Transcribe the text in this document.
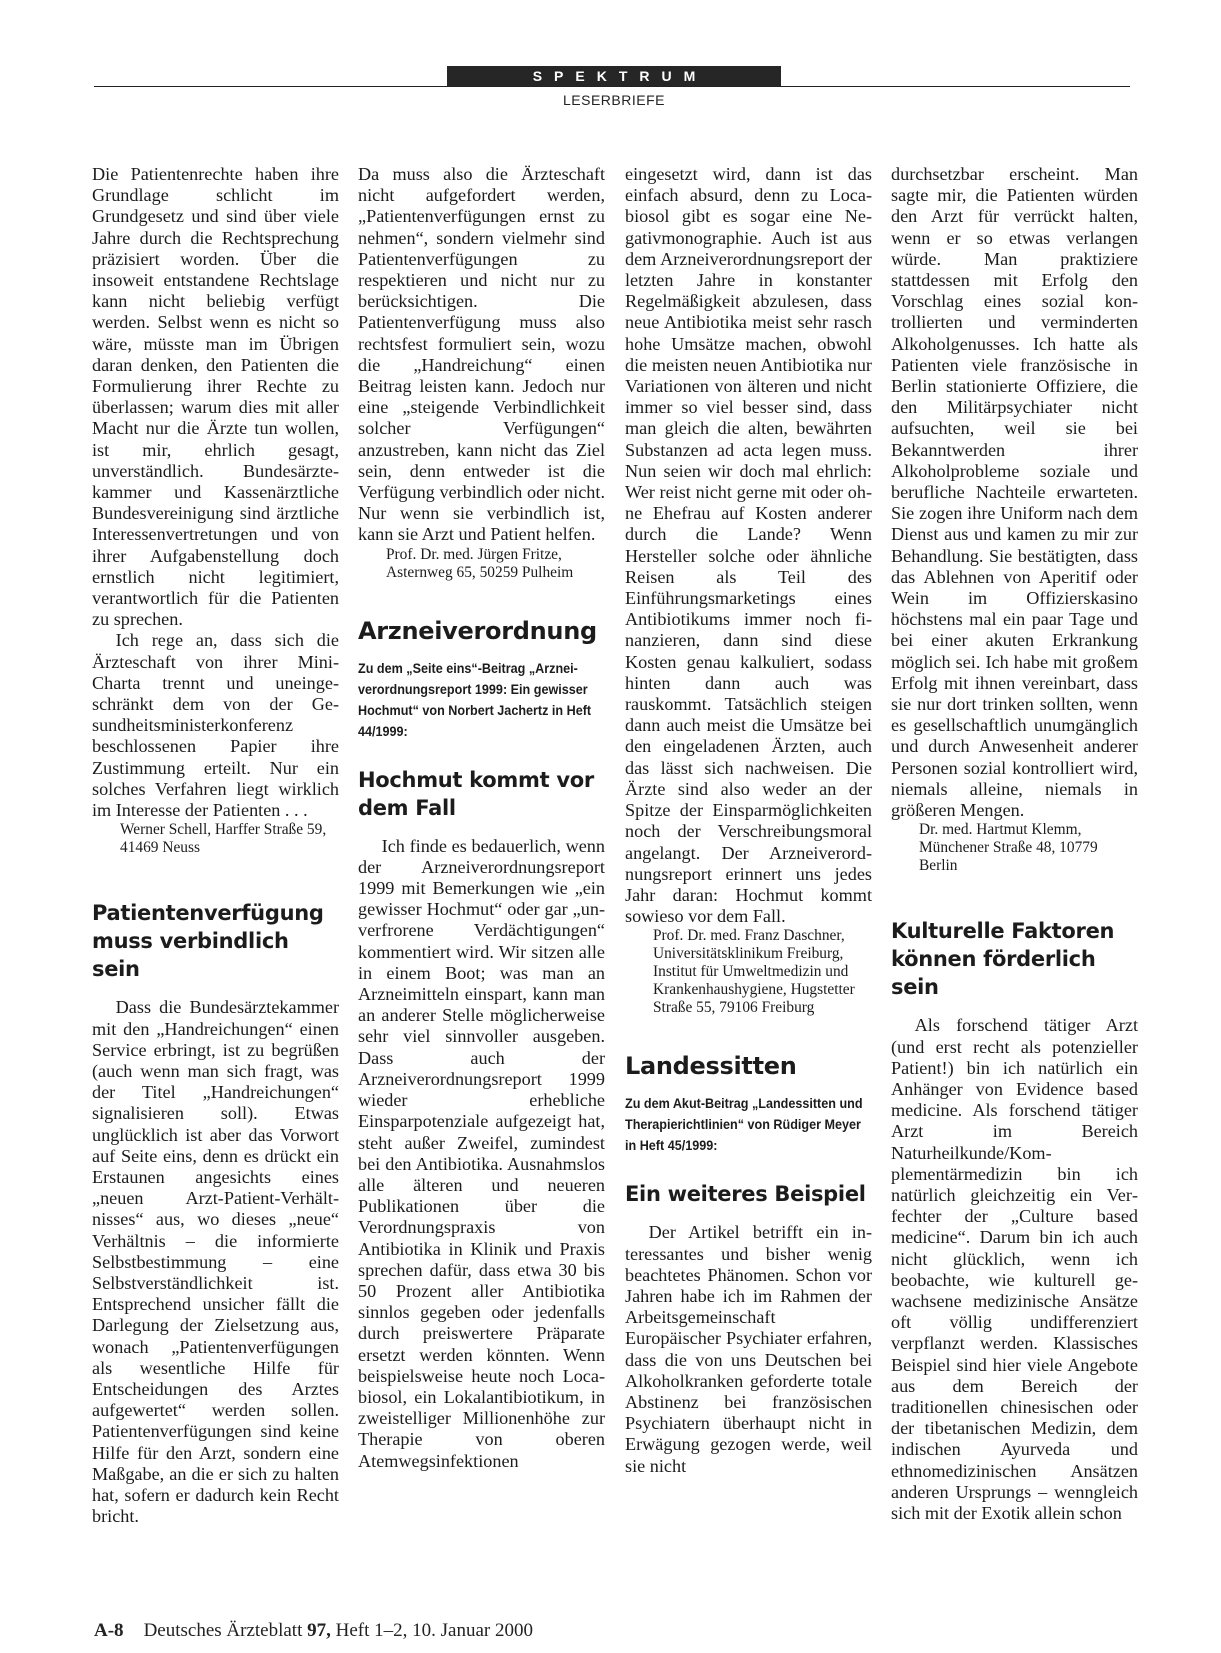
SPEKTRUM
LESERBRIEFE

Die Patientenrechte haben ihre Grundlage schlicht im Grundgesetz und sind über viele Jahre durch die Rechtsprechung präzisiert worden. Über die insoweit entstandene Rechtslage kann nicht beliebig verfügt werden. Selbst wenn es nicht so wäre, müsste man im Übrigen daran denken, den Patienten die Formulierung ihrer Rechte zu überlassen; warum dies mit aller Macht nur die Ärzte tun wollen, ist mir, ehrlich gesagt, unverständlich. Bundesärztekammer und Kassenärztliche Bundesvereinigung sind ärztliche Interessenvertretungen und von ihrer Aufgabenstellung doch ernstlich nicht legitimiert, verantwortlich für die Patienten zu sprechen.

Ich rege an, dass sich die Ärzteschaft von ihrer Mini-Charta trennt und uneingeschränkt dem von der Gesundheitsministerkonferenz beschlossenen Papier ihre Zustimmung erteilt. Nur ein solches Verfahren liegt wirklich im Interesse der Patienten . . .

Werner Schell, Harffer Straße 59, 41469 Neuss

Patientenverfügung muss verbindlich sein

Dass die Bundesärztekammer mit den „Handreichungen“ einen Service erbringt, ist zu begrüßen (auch wenn man sich fragt, was der Titel „Handreichungen“ signalisieren soll). Etwas unglücklich ist aber das Vorwort auf Seite eins, denn es drückt ein Erstaunen angesichts eines „neuen Arzt-Patient-Verhältnisses“ aus, wo dieses „neue“ Verhältnis – die informierte Selbstbestimmung – eine Selbstverständlichkeit ist. Entsprechend unsicher fällt die Darlegung der Zielsetzung aus, wonach „Patientenverfügungen als wesentliche Hilfe für Entscheidungen des Arztes aufgewertet“ werden sollen. Patientenverfügungen sind keine Hilfe für den Arzt, sondern eine Maßgabe, an die er sich zu halten hat, sofern er dadurch kein Recht bricht.

Da muss also die Ärzteschaft nicht aufgefordert werden, „Patientenverfügungen ernst zu nehmen“, sondern vielmehr sind Patientenverfügungen zu respektieren und nicht nur zu berücksichtigen. Die Patientenverfügung muss also rechtsfest formuliert sein, wozu die „Handreichung“ einen Beitrag leisten kann. Jedoch nur eine „steigende Verbindlichkeit solcher Verfügungen“ anzustreben, kann nicht das Ziel sein, denn entweder ist die Verfügung verbindlich oder nicht. Nur wenn sie verbindlich ist, kann sie Arzt und Patient helfen.

Prof. Dr. med. Jürgen Fritze, Asternweg 65, 50259 Pulheim

Arzneiverordnung
Zu dem „Seite eins“-Beitrag „Arzneiverordnungsreport 1999: Ein gewisser Hochmut“ von Norbert Jachertz in Heft 44/1999:
Hochmut kommt vor dem Fall

Ich finde es bedauerlich, wenn der Arzneiverordnungsreport 1999 mit Bemerkungen wie „ein gewisser Hochmut“ oder gar „unverfrorene Verdächtigungen“ kommentiert wird. Wir sitzen alle in einem Boot; was man an Arzneimitteln einspart, kann man an anderer Stelle möglicherweise sehr viel sinnvoller ausgeben. Dass auch der Arzneiverordnungsreport 1999 wieder erhebliche Einsparpotenziale aufgezeigt hat, steht außer Zweifel, zumindest bei den Antibiotika. Ausnahmslos alle älteren und neueren Publikationen über die Verordnungspraxis von Antibiotika in Klinik und Praxis sprechen dafür, dass etwa 30 bis 50 Prozent aller Antibiotika sinnlos gegeben oder jedenfalls durch preiswertere Präparate ersetzt werden könnten. Wenn beispielsweise heute noch Locabiosol, ein Lokalantibiotikum, in zweistelliger Millionenhöhe zur Therapie von oberen Atemwegsinfektionen

eingesetzt wird, dann ist das einfach absurd, denn zu Locabiosol gibt es sogar eine Negativmonographie. Auch ist aus dem Arzneiverordnungsreport der letzten Jahre in konstanter Regelmäßigkeit abzulesen, dass neue Antibiotika meist sehr rasch hohe Umsätze machen, obwohl die meisten neuen Antibiotika nur Variationen von älteren und nicht immer so viel besser sind, dass man gleich die alten, bewährten Substanzen ad acta legen muss. Nun seien wir doch mal ehrlich: Wer reist nicht gerne mit oder ohne Ehefrau auf Kosten anderer durch die Lande? Wenn Hersteller solche oder ähnliche Reisen als Teil des Einführungsmarketings eines Antibiotikums immer noch finanzieren, dann sind diese Kosten genau kalkuliert, sodass hinten dann auch was rauskommt. Tatsächlich steigen dann auch meist die Umsätze bei den eingeladenen Ärzten, auch das lässt sich nachweisen. Die Ärzte sind also weder an der Spitze der Einsparmöglichkeiten noch der Verschreibungsmoral angelangt. Der Arzneiverordnungsreport erinnert uns jedes Jahr daran: Hochmut kommt sowieso vor dem Fall.

Prof. Dr. med. Franz Daschner, Universitätsklinikum Freiburg, Institut für Umweltmedizin und Krankenhaushygiene, Hugstetter Straße 55, 79106 Freiburg

Landessitten
Zu dem Akut-Beitrag „Landessitten und Therapierichtlinien“ von Rüdiger Meyer in Heft 45/1999:
Ein weiteres Beispiel

Der Artikel betrifft ein interessantes und bisher wenig beachtetes Phänomen. Schon vor Jahren habe ich im Rahmen der Arbeitsgemeinschaft Europäischer Psychiater erfahren, dass die von uns Deutschen bei Alkoholkranken geforderte totale Abstinenz bei französischen Psychiatern überhaupt nicht in Erwägung gezogen werde, weil sie nicht

durchsetzbar erscheint. Man sagte mir, die Patienten würden den Arzt für verrückt halten, wenn er so etwas verlangen würde. Man praktiziere stattdessen mit Erfolg den Vorschlag eines sozial kontrollierten und verminderten Alkoholgenusses. Ich hatte als Patienten viele französische in Berlin stationierte Offiziere, die den Militärpsychiater nicht aufsuchten, weil sie bei Bekanntwerden ihrer Alkoholprobleme soziale und berufliche Nachteile erwarteten. Sie zogen ihre Uniform nach dem Dienst aus und kamen zu mir zur Behandlung. Sie bestätigten, dass das Ablehnen von Aperitif oder Wein im Offizierskasino höchstens mal ein paar Tage und bei einer akuten Erkrankung möglich sei. Ich habe mit großem Erfolg mit ihnen vereinbart, dass sie nur dort trinken sollten, wenn es gesellschaftlich unumgänglich und durch Anwesenheit anderer Personen sozial kontrolliert wird, niemals alleine, niemals in größeren Mengen.

Dr. med. Hartmut Klemm, Münchener Straße 48, 10779 Berlin

Kulturelle Faktoren können förderlich sein

Als forschend tätiger Arzt (und erst recht als potenzieller Patient!) bin ich natürlich ein Anhänger von Evidence based medicine. Als forschend tätiger Arzt im Bereich Naturheilkunde/Komplementärmedizin bin ich natürlich gleichzeitig ein Verfechter der „Culture based medicine“. Darum bin ich auch nicht glücklich, wenn ich beobachte, wie kulturell gewachsene medizinische Ansätze oft völlig undifferenziert verpflanzt werden. Klassisches Beispiel sind hier viele Angebote aus dem Bereich der traditionellen chinesischen oder der tibetanischen Medizin, dem indischen Ayurveda und ethnomedizinischen Ansätzen anderen Ursprungs – wenngleich sich mit der Exotik allein schon

A-8 Deutsches Ärzteblatt 97, Heft 1–2, 10. Januar 2000
